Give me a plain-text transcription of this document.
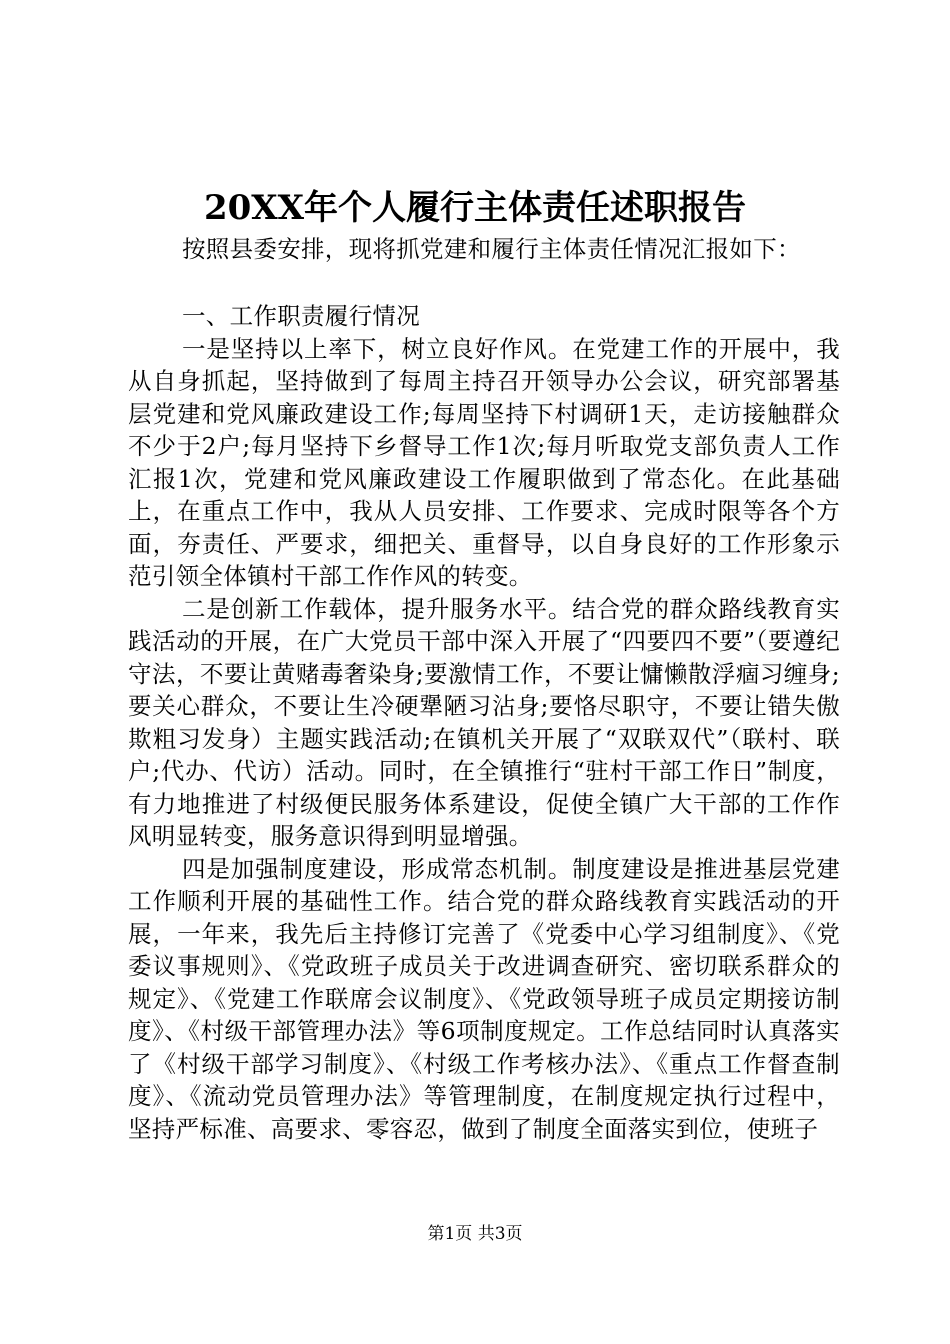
20XX年个人履行主体责任述职报告
按照县委安排，现将抓党建和履行主体责任情况汇报如下：

一、工作职责履行情况

一是坚持以上率下，树立良好作风。在党建工作的开展中，我从自身抓起，坚持做到了每周主持召开领导办公会议，研究部署基层党建和党风廉政建设工作;每周坚持下村调研1天，走访接触群众不少于2户;每月坚持下乡督导工作1次;每月听取党支部负责人工作汇报1次，党建和党风廉政建设工作履职做到了常态化。在此基础上，在重点工作中，我从人员安排、工作要求、完成时限等各个方面，夯责任、严要求，细把关、重督导，以自身良好的工作形象示范引领全体镇村干部工作作风的转变。

二是创新工作载体，提升服务水平。结合党的群众路线教育实践活动的开展，在广大党员干部中深入开展了“四要四不要”（要遵纪守法，不要让黄赌毒奢染身;要激情工作，不要让慵懒散浮痼习缠身;要关心群众，不要让生冷硬犟陋习沾身;要恪尽职守，不要让错失傲欺粗习发身）主题实践活动;在镇机关开展了“双联双代”（联村、联户;代办、代访）活动。同时，在全镇推行“驻村干部工作日”制度，有力地推进了村级便民服务体系建设，促使全镇广大干部的工作作风明显转变，服务意识得到明显增强。

四是加强制度建设，形成常态机制。制度建设是推进基层党建工作顺利开展的基础性工作。结合党的群众路线教育实践活动的开展，一年来，我先后主持修订完善了《党委中心学习组制度》、《党委议事规则》、《党政班子成员关于改进调查研究、密切联系群众的规定》、《党建工作联席会议制度》、《党政领导班子成员定期接访制度》、《村级干部管理办法》等6项制度规定。工作总结同时认真落实了《村级干部学习制度》、《村级工作考核办法》、《重点工作督查制度》、《流动党员管理办法》等管理制度，在制度规定执行过程中，坚持严标准、高要求、零容忍，做到了制度全面落实到位，使班子

第1页 共3页
